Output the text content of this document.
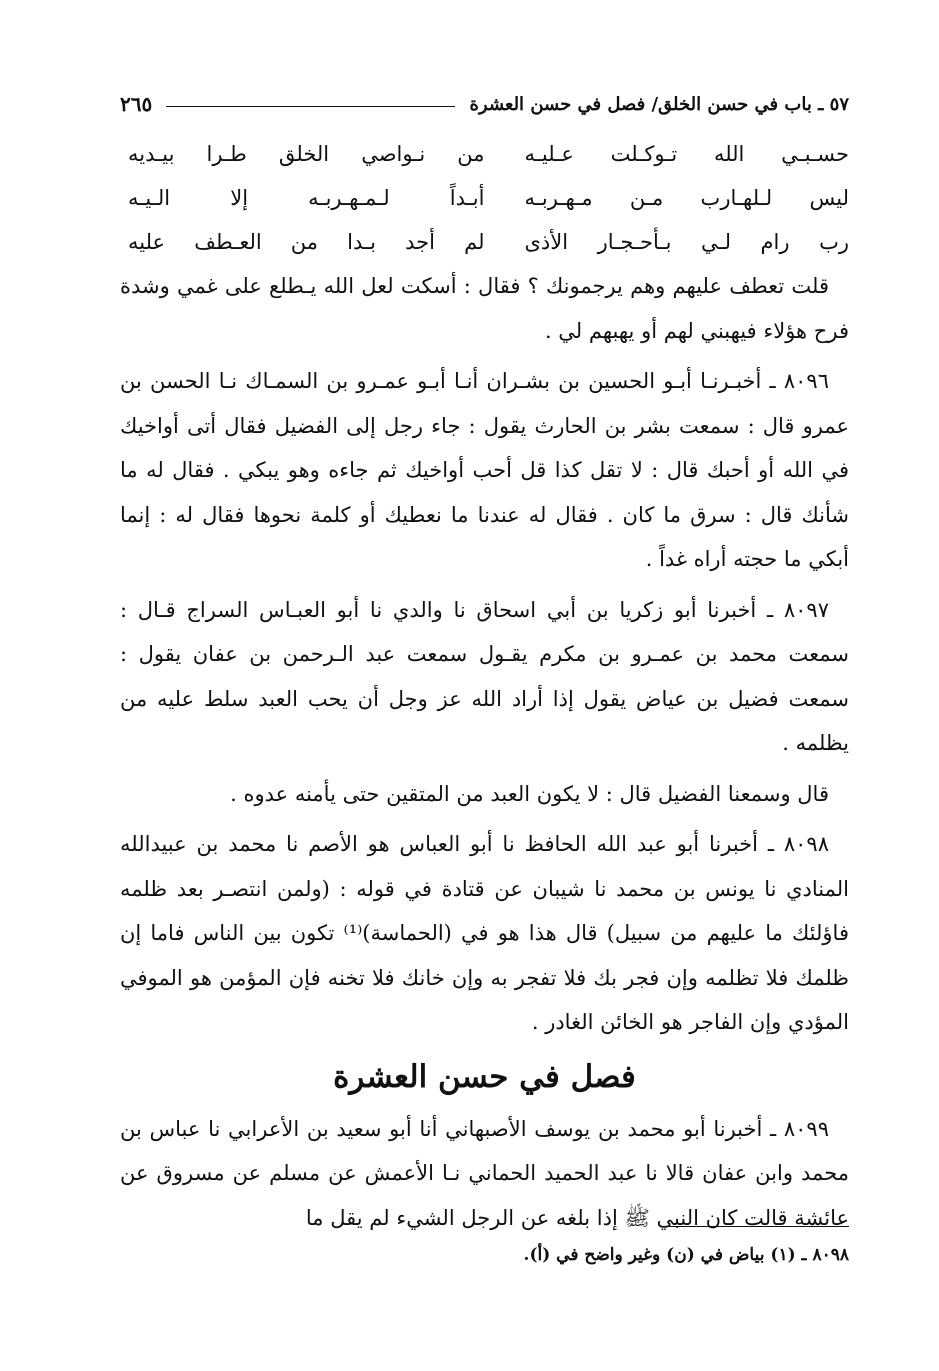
٥٧ ـ باب في حسن الخلق/ فصل في حسن العشرة
٢٦٥
حسـبـي الله تـوكـلت عـليـه
من نـواصي الخلق طـرا بيـديه
ليس لـلهـارب مـن مـهـربـه
أبـداً لـمـهـربـه إلا الـيـه
رب رام لـي بـأحـجـار الأذى
لم أجد بـدا من العـطف عليه

قلت تعطف عليهم وهم يرجمونك ؟ فقال : أسكت لعل الله يـطلع على غمي وشدة فرح هؤلاء فيهبني لهم أو يهبهم لي .

٨٠٩٦ ـ أخبـرنـا أبـو الحسين بن بشـران أنـا أبـو عمـرو بن السمـاك نـا الحسن بن عمرو قال : سمعت بشر بن الحارث يقول : جاء رجل إلى الفضيل فقال أتى أواخيك في الله أو أحبك قال : لا تقل كذا قل أحب أواخيك ثم جاءه وهو يبكي . فقال له ما شأنك قال : سرق ما كان . فقال له عندنا ما نعطيك أو كلمة نحوها فقال له : إنما أبكي ما حجته أراه غداً .

٨٠٩٧ ـ أخبرنا أبو زكريا بن أبي اسحاق نا والدي نا أبو العبـاس السراج قـال : سمعت محمد بن عمـرو بن مكرم يقـول سمعت عبد الـرحمن بن عفان يقول : سمعت فضيل بن عياض يقول إذا أراد الله عز وجل أن يحب العبد سلط عليه من يظلمه .

قال وسمعنا الفضيل قال : لا يكون العبد من المتقين حتى يأمنه عدوه .

٨٠٩٨ ـ أخبرنا أبو عبد الله الحافظ نا أبو العباس هو الأصم نا محمد بن عبيدالله المنادي نا يونس بن محمد نا شيبان عن قتادة في قوله : (ولمن انتصـر بعد ظلمه فاؤلئك ما عليهم من سبيل) قال هذا هو في (الحماسة)⁽¹⁾ تكون بين الناس فاما إن ظلمك فلا تظلمه وإن فجر بك فلا تفجر به وإن خانك فلا تخنه فإن المؤمن هو الموفي المؤدي وإن الفاجر هو الخائن الغادر .

فصل في حسن العشرة

٨٠٩٩ ـ أخبرنا أبو محمد بن يوسف الأصبهاني أنا أبو سعيد بن الأعرابي نا عباس بن محمد وابن عفان قالا نا عبد الحميد الحماني نـا الأعمش عن مسلم عن مسروق عن عائشة قالت كان النبي ﷺ إذا بلغه عن الرجل الشيء لم يقل ما

٨٠٩٨ ـ (١) بياض في (ن) وغير واضح في (أ).
